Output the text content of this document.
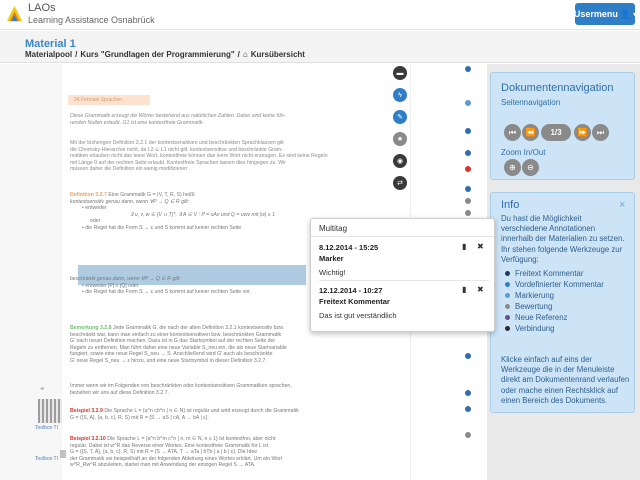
LAOs
Learning Assistance Osnabrück
Usermenu 👤 ▾
Material 1
Materialpool / Kurs "Grundlagen der Programmierung" / ⌂ Kursübersicht
34 Formale Sprachen
Diese Grammatik erzeugt die Wörter bestehend aus natürlichen Zahlen. Dabei sind keine füh-
renden Nullen erlaubt. G1 ist eine kontextfreie Grammatik.
Mit der bisherigen Definition 3.2.1 der kontextsensitiven und beschränkten Sprachklassen gilt
die Chomsky-Hierarchie nicht, da L2 ⊆ L1 nicht gilt: kontextsensitive und beschränkte Gram-
matiken erlauben nicht das leere Wort, kontextfreie können das leere Wort nicht erzeugen. Es sind keine Regeln
mit Länge 0 auf der rechten Seite erlaubt. Kontextfreie Sprachen lassen dies hingegen zu. Wir
müssen daher die Definition ein wenig modifizieren:
Definition 3.2.7 Eine Grammatik G = (V, T, R, S) heißt
kontextsensitiv genau dann, wenn ∀P → Q ∈ R gilt:
• entweder
∃ u, v, w ∈ (V ∪ T)*, ∃ A ∈ V : P = uAv und Q = uwv mit |w| ≥ 1
oder
• die Regel hat die Form S → ε und S kommt auf keiner rechten Seite
beschränkt genau dann, wenn ∀P → Q ∈ R gilt:
• entweder |P| ≤ |Q| oder
• die Regel hat die Form S → ε und S kommt auf keiner rechten Seite vor.
Bemerkung 3.2.8 Jede Grammatik G, die nach der alten Definition 3.2.1 kontextsensitiv bzw.
beschränkt war, kann man einfach zu einer kontextsensitiven bzw. beschränkten Grammatik
G' nach neuer Definition machen. Dazu ist in G das Startsymbol auf der rechten Seite der
Regeln zu entfernen. Man führt daher eine neue Variable S_neu ein, die als neue Startvariable
fungiert, sowie eine neue Regel S_neu → S. Anschließend wird G' auch als beschränkte
G' neue Regel S_neu → ε hinzu, und eine neue Startsymbol in dieser Definition 3.2.7.
Immer wenn wir im Folgenden von beschränkten oder kontextsensitiven Grammatiken sprechen,
beziehen wir uns auf diese Definition 3.2.7.
Beispiel 3.2.9 Die Sprache L = {a^n cb^n | n ∈ N} ist regulär und wird erzeugt durch die Grammatik
G = ({S, A}, {a, b, c}, R, S) mit R = {S → aS | cA, A → bA | ε}.
Beispiel 3.2.10 Die Sprache L = {a^n b^m c^n | n, m ∈ N, n ≥ 1} ist kontextfrei, aber nicht
regulär. Dabei ist w^R das Reverse einer Wortes. Eine kontextfreie Grammatik für L ist
G = ({S, T, A}, {a, b, c}, R, S) mit R = {S → ATA, T → aTa | bTb | a | b | ε}. Die Idee
der Grammatik sei beispielhaft an der folgenden Ableitung eines Wortes erklärt. Um ein Wort
w^R_Rw^R abzuleiten, startet man mit Anwendung der einzigen Regel S → ATA.
⌖
Toolbox TI
Toolbox TI
▬
ϟ
✎
★
◉
⇄
Dokumentennavigation
Seitennavigation
⏮ ⏪	1/3	⏩ ⏭
Zoom In/Out
⊕ ⊖
Info	×
Du hast die Möglichkeit verschiedene Annotationen innerhalb der Materialien zu setzen. Ihr stehen folgende Werkzeuge zur Verfügung:
Freitext Kommentar
Vordefinierter Kommentar
Markierung
Bewertung
Neue Referenz
Verbindung
Klicke einfach auf eins der Werkzeuge die in der Menuleiste direkt am Dokumentenrand verlaufen oder mache einen Rechtsklick auf einen Bereich des Dokuments.
Multitag
8.12.2014 - 15:25	▮ ✖
Marker
Wichtig!
12.12.2014 - 10:27	▮ ✖
Freitext Kommentar
Das ist gut verständlich
